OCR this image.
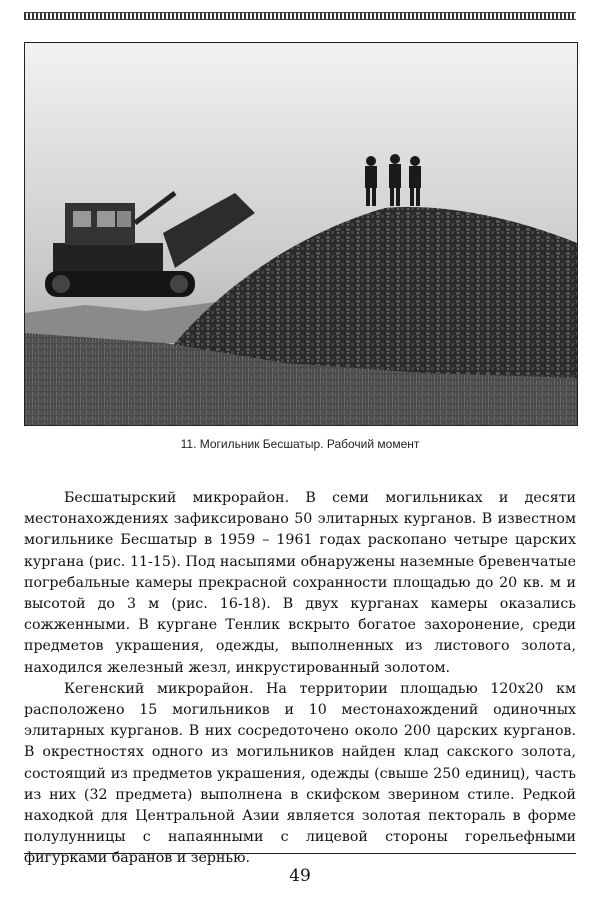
11. Могильник Бесшатыр. Рабочий момент

Бесшатырский микрорайон. В семи могильниках и десяти местонахождениях зафиксировано 50 элитарных курганов. В известном могильнике Бесшатыр в 1959 – 1961 годах раскопано четыре царских кургана (рис. 11-15). Под насыпями обнаружены наземные бревенчатые погребальные камеры прекрасной сохранности площадью до 20 кв. м и высотой до 3 м (рис. 16-18). В двух курганах камеры оказались сожженными. В кургане Тенлик вскрыто богатое захоронение, среди предметов украшения, одежды, выполненных из листового золота, находился железный жезл, инкрустированный золотом.

Кегенский микрорайон. На территории площадью 120х20 км расположено 15 могильников и 10 местонахождений одиночных элитарных курганов. В них сосредоточено около 200 царских курганов. В окрестностях одного из могильников найден клад сакского золота, состоящий из предметов украшения, одежды (свыше 250 единиц), часть из них (32 предмета) выполнена в скифском зверином стиле. Редкой находкой для Центральной Азии является золотая пектораль в форме полулунницы с напаянными с лицевой стороны горельефными фигурками баранов и зернью.

49
